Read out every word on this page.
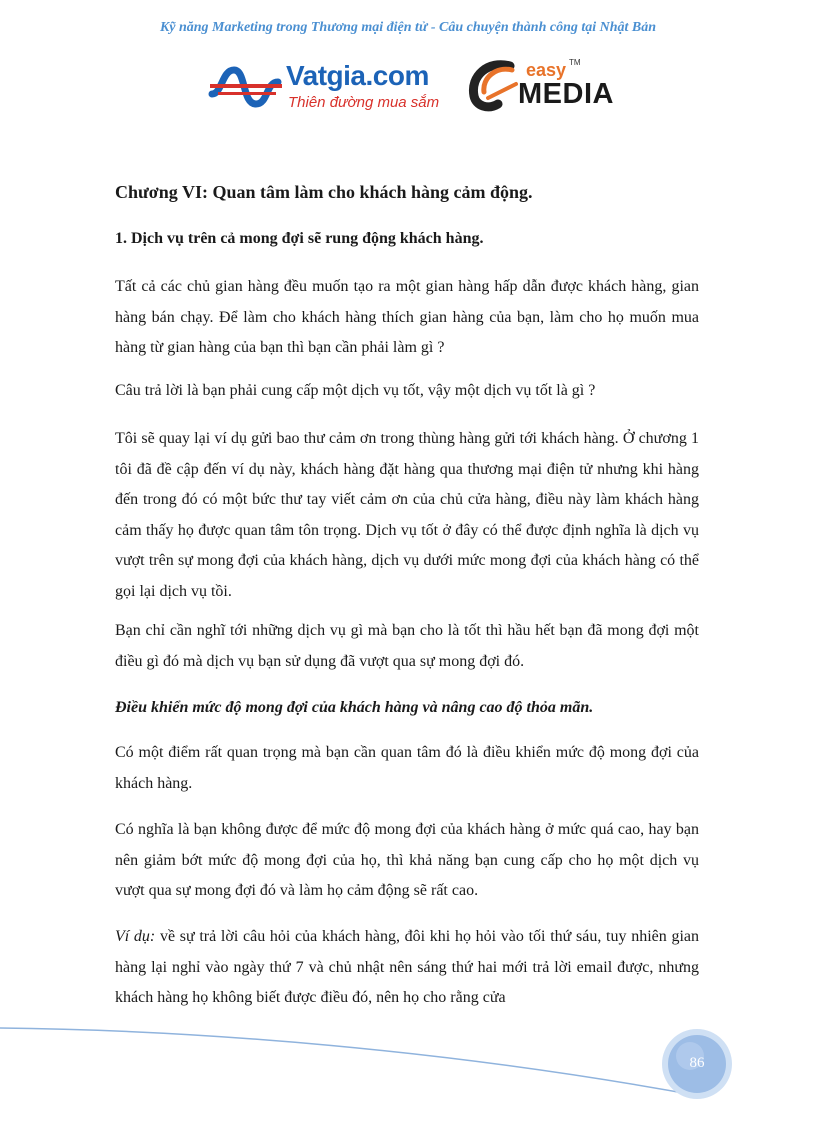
Kỹ năng Marketing trong Thương mại điện tử - Câu chuyện thành công tại Nhật Bản
Vatgia.com
Thiên đường mua sắm
easy TM
MEDIA
Chương VI: Quan tâm làm cho khách hàng cảm động.
1. Dịch vụ trên cả mong đợi sẽ rung động khách hàng.

Tất cả các chủ gian hàng đều muốn tạo ra một gian hàng hấp dẫn được khách hàng, gian hàng bán chạy. Để làm cho khách hàng thích gian hàng của bạn, làm cho họ muốn mua hàng từ gian hàng của bạn thì bạn cần phải làm gì ?

Câu trả lời là bạn phải cung cấp một dịch vụ tốt, vậy một dịch vụ tốt là gì ?

Tôi sẽ quay lại ví dụ gửi bao thư cảm ơn trong thùng hàng gửi tới khách hàng. Ở chương 1 tôi đã đề cập đến ví dụ này, khách hàng đặt hàng qua thương mại điện tử nhưng khi hàng đến trong đó có một bức thư tay viết cảm ơn của chủ cửa hàng, điều này làm khách hàng cảm thấy họ được quan tâm tôn trọng. Dịch vụ tốt ở đây có thể được định nghĩa là dịch vụ vượt trên sự mong đợi của khách hàng, dịch vụ dưới mức mong đợi của khách hàng có thể gọi lại dịch vụ tồi.

Bạn chỉ cần nghĩ tới những dịch vụ gì mà bạn cho là tốt thì hầu hết bạn đã mong đợi một điều gì đó mà dịch vụ bạn sử dụng đã vượt qua sự mong đợi đó.

Điều khiển mức độ mong đợi của khách hàng và nâng cao độ thỏa mãn.

Có một điểm rất quan trọng mà bạn cần quan tâm đó là điều khiển mức độ mong đợi của khách hàng.

Có nghĩa là bạn không được để mức độ mong đợi của khách hàng ở mức quá cao, hay bạn nên giảm bớt mức độ mong đợi của họ, thì khả năng bạn cung cấp cho họ một dịch vụ vượt qua sự mong đợi đó và làm họ cảm động sẽ rất cao.

Ví dụ: về sự trả lời câu hỏi của khách hàng, đôi khi họ hỏi vào tối thứ sáu, tuy nhiên gian hàng lại nghỉ vào ngày thứ 7 và chủ nhật nên sáng thứ hai mới trả lời email được, nhưng khách hàng họ không biết được điều đó, nên họ cho rằng cửa

86
